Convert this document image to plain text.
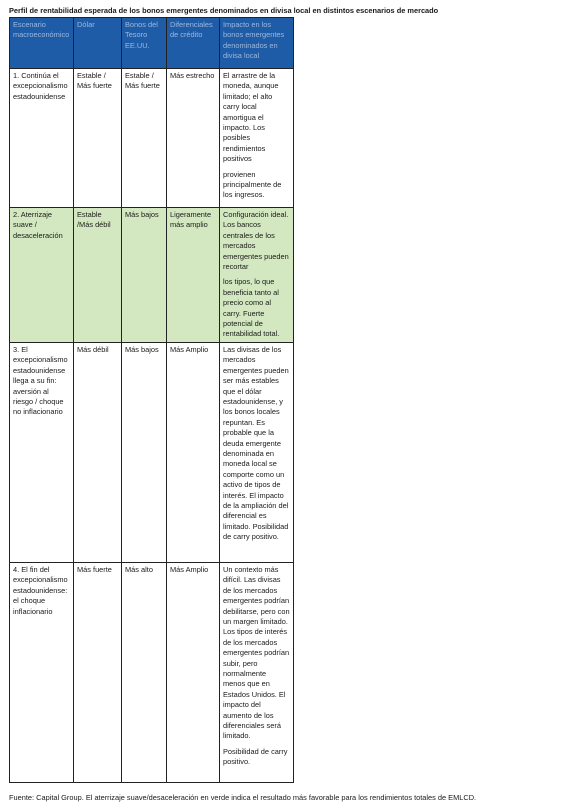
Perfil de rentabilidad esperada de los bonos emergentes denominados en divisa local en distintos escenarios de mercado
Escenario macroeconómico	Dólar	Bonos del Tesoro EE.UU.	Diferenciales de crédito	Impacto en los bonos emergentes denominados en divisa local
1. Continúa el excepcionalismo estadounidense	Estable / Más fuerte	Estable / Más fuerte	Más estrecho	El arrastre de la moneda, aunque limitado; el alto carry local amortigua el impacto. Los posibles rendimientos positivos

provienen principalmente de los ingresos.

2. Aterrizaje suave / desaceleración	Estable /Más débil	Más bajos	Ligeramente más amplio	Configuración ideal. Los bancos centrales de los mercados emergentes pueden recortar

los tipos, lo que beneficia tanto al precio como al carry. Fuerte potencial de rentabilidad total.

3. El excepcionalismo estadounidense llega a su fin: aversión al riesgo / choque no inflacionario	Más débil	Más bajos	Más Amplio	Las divisas de los mercados emergentes pueden ser más estables que el dólar estadounidense, y los bonos locales repuntan. Es probable que la deuda emergente denominada en moneda local se comporte como un activo de tipos de interés. El impacto de la ampliación del diferencial es limitado. Posibilidad de carry positivo.

4. El fin del excepcionalismo estadounidense: el choque inflacionario	Más fuerte	Más alto	Más Amplio	Un contexto más difícil. Las divisas de los mercados emergentes podrían debilitarse, pero con un margen limitado. Los tipos de interés de los mercados emergentes podrían subir, pero normalmente menos que en Estados Unidos. El impacto del aumento de los diferenciales será limitado.

Posibilidad de carry positivo.

Fuente: Capital Group. El aterrizaje suave/desaceleración en verde indica el resultado más favorable para los rendimientos totales de EMLCD.
